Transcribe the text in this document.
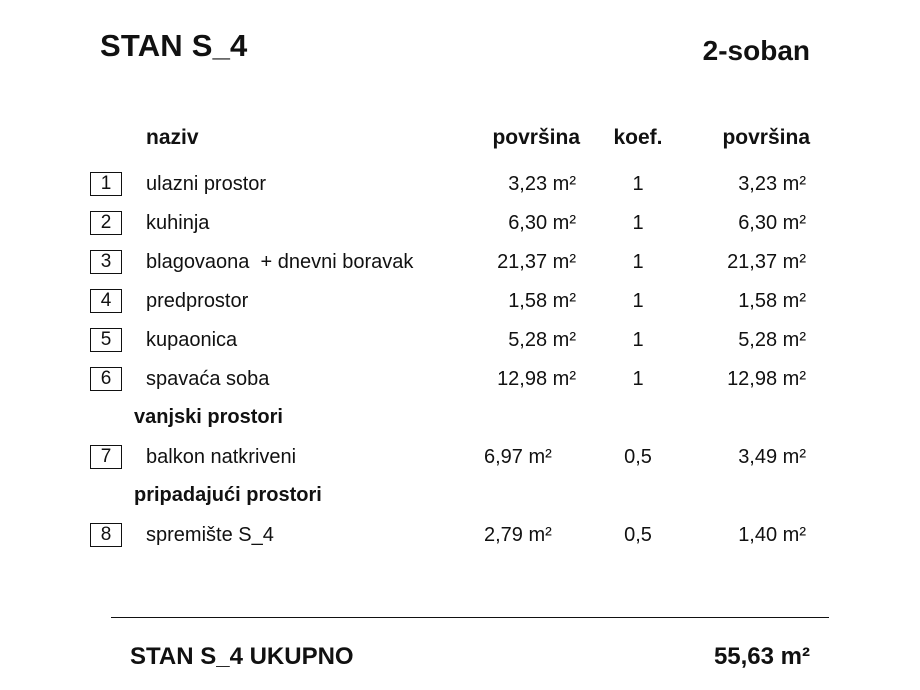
STAN S_4	2-soban
naziv	površina	koef.	površina
1	ulazni prostor	3,23 m²	1	3,23 m²
2	kuhinja	6,30 m²	1	6,30 m²
3	blagovaona  + dnevni boravak	21,37 m²	1	21,37 m²
4	predprostor	1,58 m²	1	1,58 m²
5	kupaonica	5,28 m²	1	5,28 m²
6	spavaća soba	12,98 m²	1	12,98 m²
vanjski prostori
7	balkon natkriveni	6,97 m²	0,5	3,49 m²
pripadajući prostori
8	spremište S_4	2,79 m²	0,5	1,40 m²
STAN S_4 UKUPNO	55,63 m²
